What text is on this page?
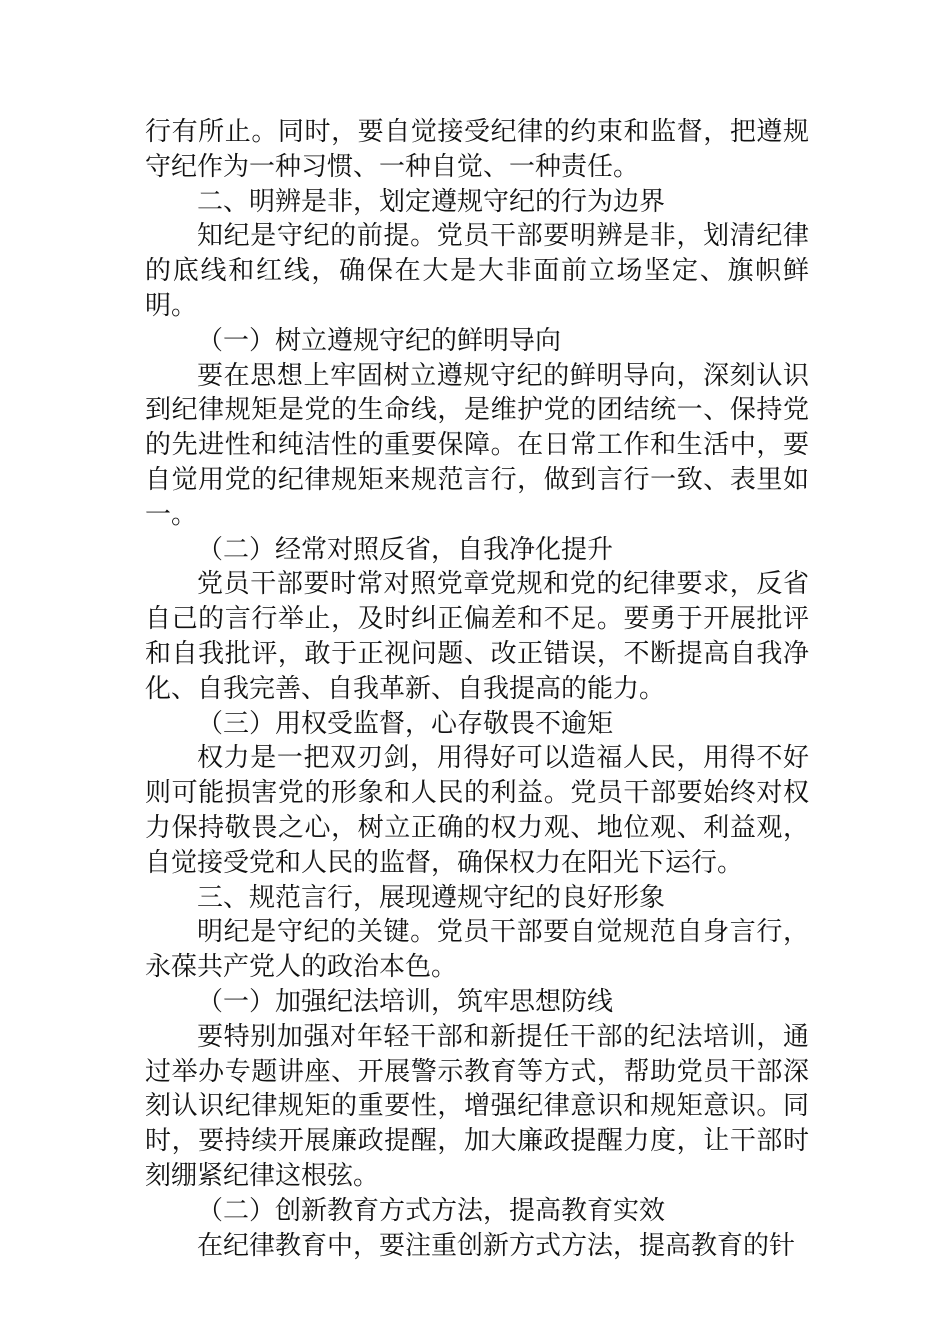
行有所止。同时，要自觉接受纪律的约束和监督，把遵规守纪作为一种习惯、一种自觉、一种责任。

二、明辨是非，划定遵规守纪的行为边界

知纪是守纪的前提。党员干部要明辨是非，划清纪律的底线和红线，确保在大是大非面前立场坚定、旗帜鲜明。

（一）树立遵规守纪的鲜明导向

要在思想上牢固树立遵规守纪的鲜明导向，深刻认识到纪律规矩是党的生命线，是维护党的团结统一、保持党的先进性和纯洁性的重要保障。在日常工作和生活中，要自觉用党的纪律规矩来规范言行，做到言行一致、表里如一。

（二）经常对照反省，自我净化提升

党员干部要时常对照党章党规和党的纪律要求，反省自己的言行举止，及时纠正偏差和不足。要勇于开展批评和自我批评，敢于正视问题、改正错误，不断提高自我净化、自我完善、自我革新、自我提高的能力。

（三）用权受监督，心存敬畏不逾矩

权力是一把双刃剑，用得好可以造福人民，用得不好则可能损害党的形象和人民的利益。党员干部要始终对权力保持敬畏之心，树立正确的权力观、地位观、利益观，自觉接受党和人民的监督，确保权力在阳光下运行。

三、规范言行，展现遵规守纪的良好形象

明纪是守纪的关键。党员干部要自觉规范自身言行，永葆共产党人的政治本色。

（一）加强纪法培训，筑牢思想防线

要特别加强对年轻干部和新提任干部的纪法培训，通过举办专题讲座、开展警示教育等方式，帮助党员干部深刻认识纪律规矩的重要性，增强纪律意识和规矩意识。同时，要持续开展廉政提醒，加大廉政提醒力度，让干部时刻绷紧纪律这根弦。

（二）创新教育方式方法，提高教育实效

在纪律教育中，要注重创新方式方法，提高教育的针
